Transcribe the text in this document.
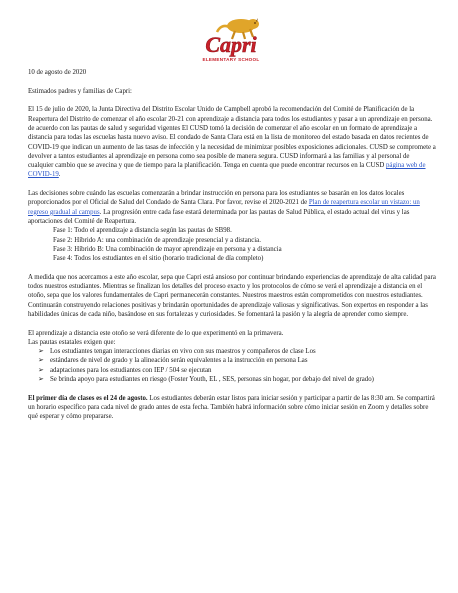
Capri
ELEMENTARY SCHOOL

10 de agosto de 2020

Estimados padres y familias de Capri:

El 15 de julio de 2020, la Junta Directiva del Distrito Escolar Unido de Campbell aprobó la recomendación del Comité de Planificación de la Reapertura del Distrito de comenzar el año escolar 20-21 con aprendizaje a distancia para todos los estudiantes y pasar a un aprendizaje en persona. de acuerdo con las pautas de salud y seguridad vigentes El CUSD tomó la decisión de comenzar el año escolar en un formato de aprendizaje a distancia para todas las escuelas hasta nuevo aviso. El condado de Santa Clara está en la lista de monitoreo del estado basada en datos recientes de COVID-19 que indican un aumento de las tasas de infección y la necesidad de minimizar posibles exposiciones adicionales. CUSD se compromete a devolver a tantos estudiantes al aprendizaje en persona como sea posible de manera segura. CUSD informará a las familias y al personal de cualquier cambio que se avecina y que de tiempo para la planificación. Tenga en cuenta que puede encontrar recursos en la CUSD página web de COVID-19.

Las decisiones sobre cuándo las escuelas comenzarán a brindar instrucción en persona para los estudiantes se basarán en los datos locales proporcionados por el Oficial de Salud del Condado de Santa Clara. Por favor, revise el 2020-2021 de Plan de reapertura escolar un vistazo: un regreso gradual al campus. La progresión entre cada fase estará determinada por las pautas de Salud Pública, el estado actual del virus y las aportaciones del Comité de Reapertura.

Fase 1: Todo el aprendizaje a distancia según las pautas de SB98.

Fase 2: Híbrido A: una combinación de aprendizaje presencial y a distancia.

Fase 3: Híbrido B: Una combinación de mayor aprendizaje en persona y a distancia

Fase 4: Todos los estudiantes en el sitio (horario tradicional de día completo)

A medida que nos acercamos a este año escolar, sepa que Capri está ansioso por continuar brindando experiencias de aprendizaje de alta calidad para todos nuestros estudiantes. Mientras se finalizan los detalles del proceso exacto y los protocolos de cómo se verá el aprendizaje a distancia en el otoño, sepa que los valores fundamentales de Capri permanecerán constantes. Nuestros maestros están comprometidos con nuestros estudiantes. Continuarán construyendo relaciones positivas y brindarán oportunidades de aprendizaje valiosas y significativas. Son expertos en responder a las habilidades únicas de cada niño, basándose en sus fortalezas y curiosidades. Se fomentará la pasión y la alegría de aprender como siempre.

El aprendizaje a distancia este otoño se verá diferente de lo que experimentó en la primavera.

Las pautas estatales exigen que:

➢ Los estudiantes tengan interacciones diarias en vivo con sus maestros y compañeros de clase Los
➢ estándares de nivel de grado y la alineación serán equivalentes a la instrucción en persona Las
➢ adaptaciones para los estudiantes con IEP / 504 se ejecutan
➢ Se brinda apoyo para estudiantes en riesgo (Foster Youth, EL , SES, personas sin hogar, por debajo del nivel de grado)

El primer día de clases es el 24 de agosto. Los estudiantes deberán estar listos para iniciar sesión y participar a partir de las 8:30 am. Se compartirá un horario específico para cada nivel de grado antes de esta fecha. También habrá información sobre cómo iniciar sesión en Zoom y detalles sobre qué esperar y cómo prepararse.
